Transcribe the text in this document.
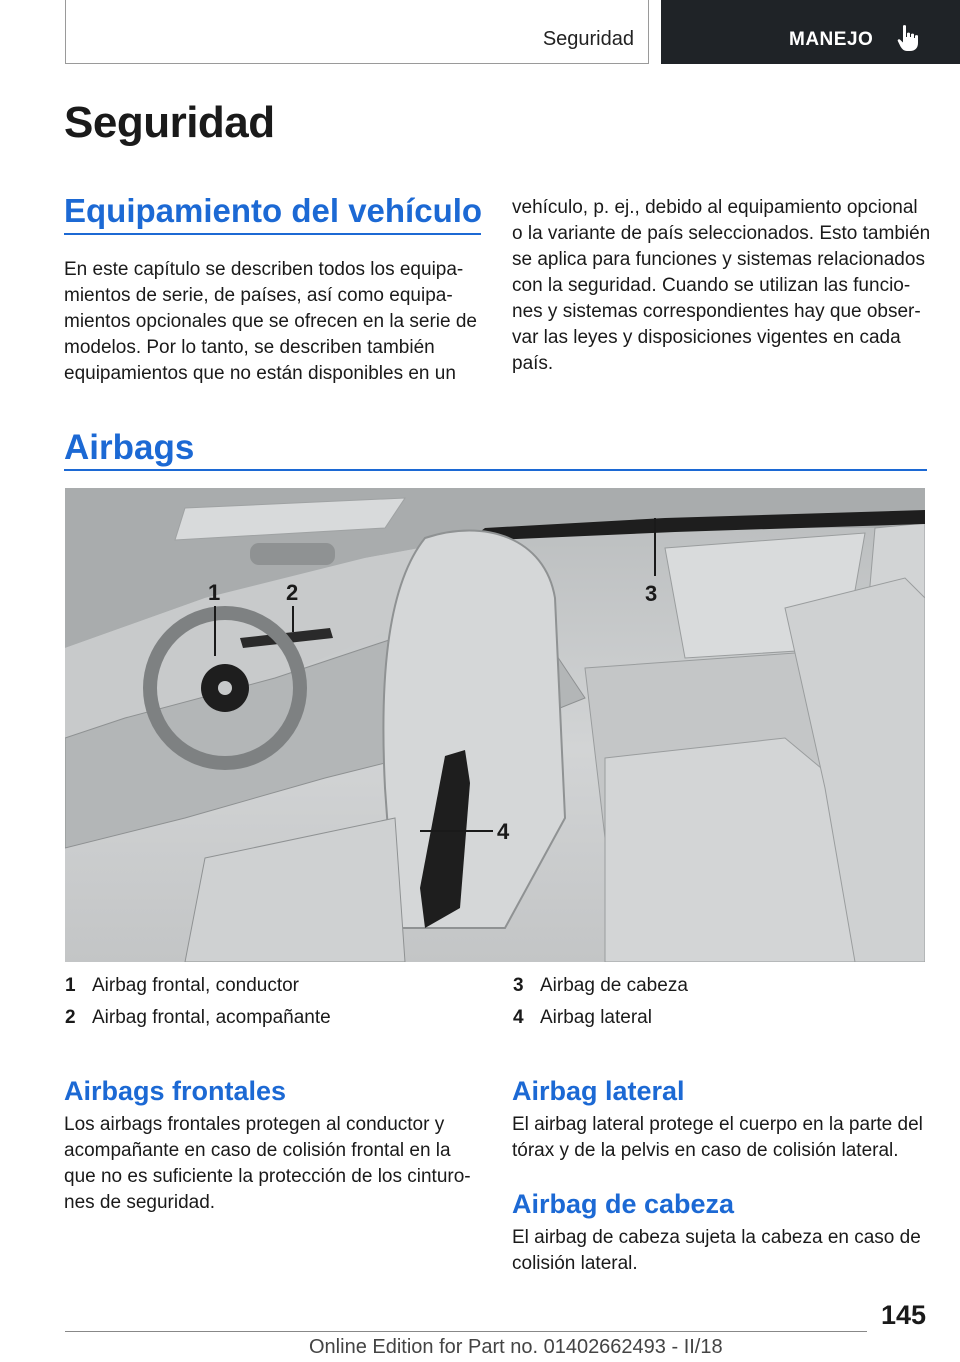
Seguridad	MANEJO
Seguridad
Equipamiento del vehículo
En este capítulo se describen todos los equipa‐
mientos de serie, de países, así como equipa‐
mientos opcionales que se ofrecen en la serie de
modelos. Por lo tanto, se describen también
equipamientos que no están disponibles en un
vehículo, p. ej., debido al equipamiento opcional
o la variante de país seleccionados. Esto también
se aplica para funciones y sistemas relacionados
con la seguridad. Cuando se utilizan las funcio‐
nes y sistemas correspondientes hay que obser‐
var las leyes y disposiciones vigentes en cada
país.
Airbags
1	2	3
4
1 Airbag frontal, conductor
2 Airbag frontal, acompañante
3 Airbag de cabeza
4 Airbag lateral
Airbags frontales
Los airbags frontales protegen al conductor y
acompañante en caso de colisión frontal en la
que no es suficiente la protección de los cinturo‐
nes de seguridad.
Airbag lateral
El airbag lateral protege el cuerpo en la parte del
tórax y de la pelvis en caso de colisión lateral.
Airbag de cabeza
El airbag de cabeza sujeta la cabeza en caso de
colisión lateral.
145
Online Edition for Part no. 01402662493 - II/18
